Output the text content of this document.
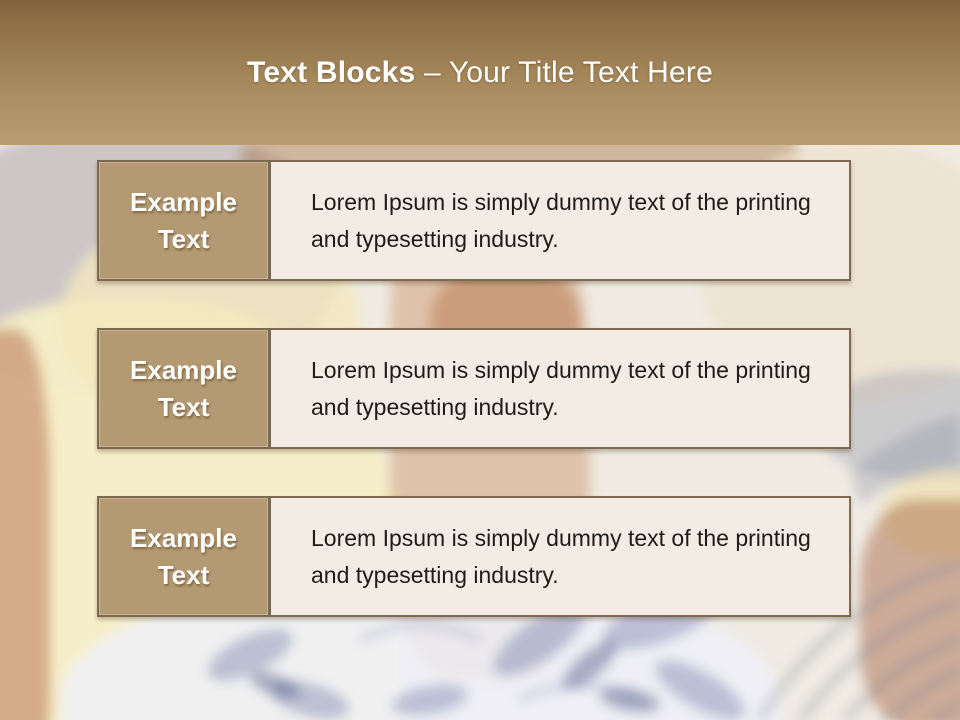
Text Blocks – Your Title Text Here
Example
Text
Lorem Ipsum is simply dummy text of the printing and typesetting industry.
Example
Text
Lorem Ipsum is simply dummy text of the printing and typesetting industry.
Example
Text
Lorem Ipsum is simply dummy text of the printing and typesetting industry.
